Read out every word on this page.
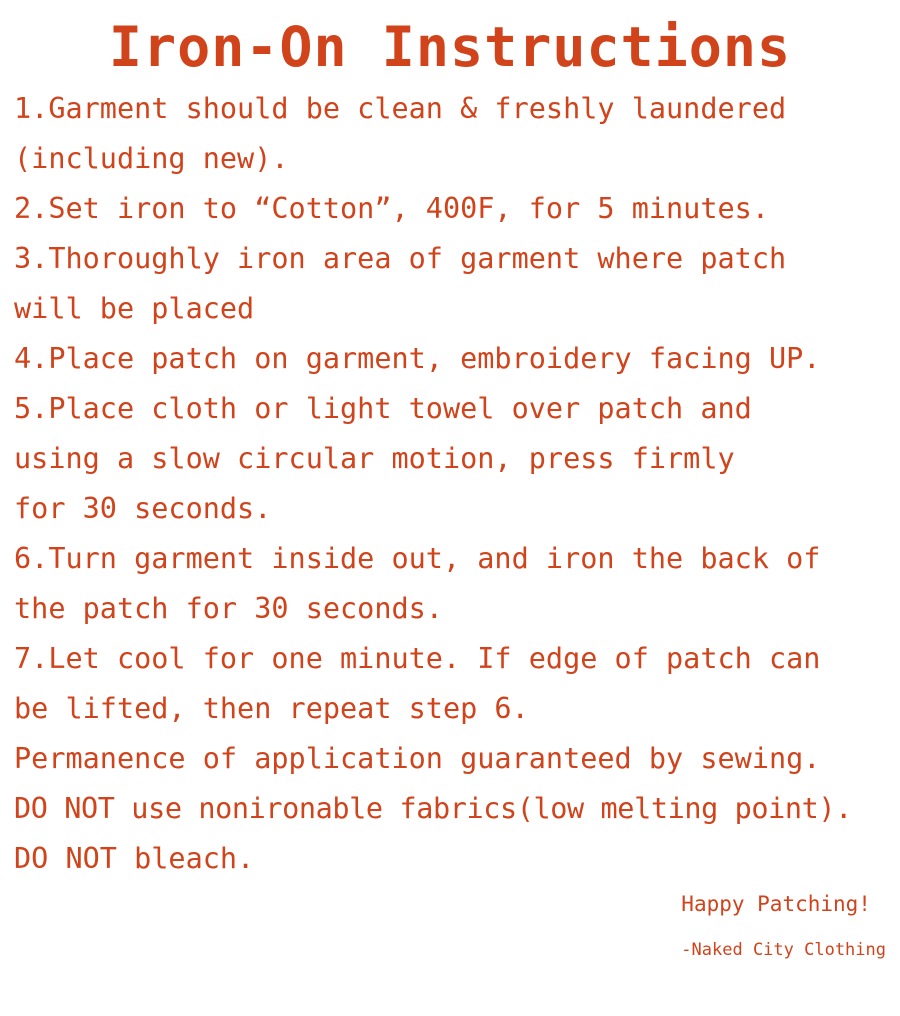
Iron-On Instructions
1.Garment should be clean & freshly laundered
(including new).
2.Set iron to “Cotton”, 400F, for 5 minutes.
3.Thoroughly iron area of garment where patch
will be placed
4.Place patch on garment, embroidery facing UP.
5.Place cloth or light towel over patch and
using a slow circular motion, press firmly
for 30 seconds.
6.Turn garment inside out, and iron the back of
the patch for 30 seconds.
7.Let cool for one minute. If edge of patch can
be lifted, then repeat step 6.
Permanence of application guaranteed by sewing.
DO NOT use nonironable fabrics(low melting point).
DO NOT bleach.

Happy Patching!
-Naked City Clothing
